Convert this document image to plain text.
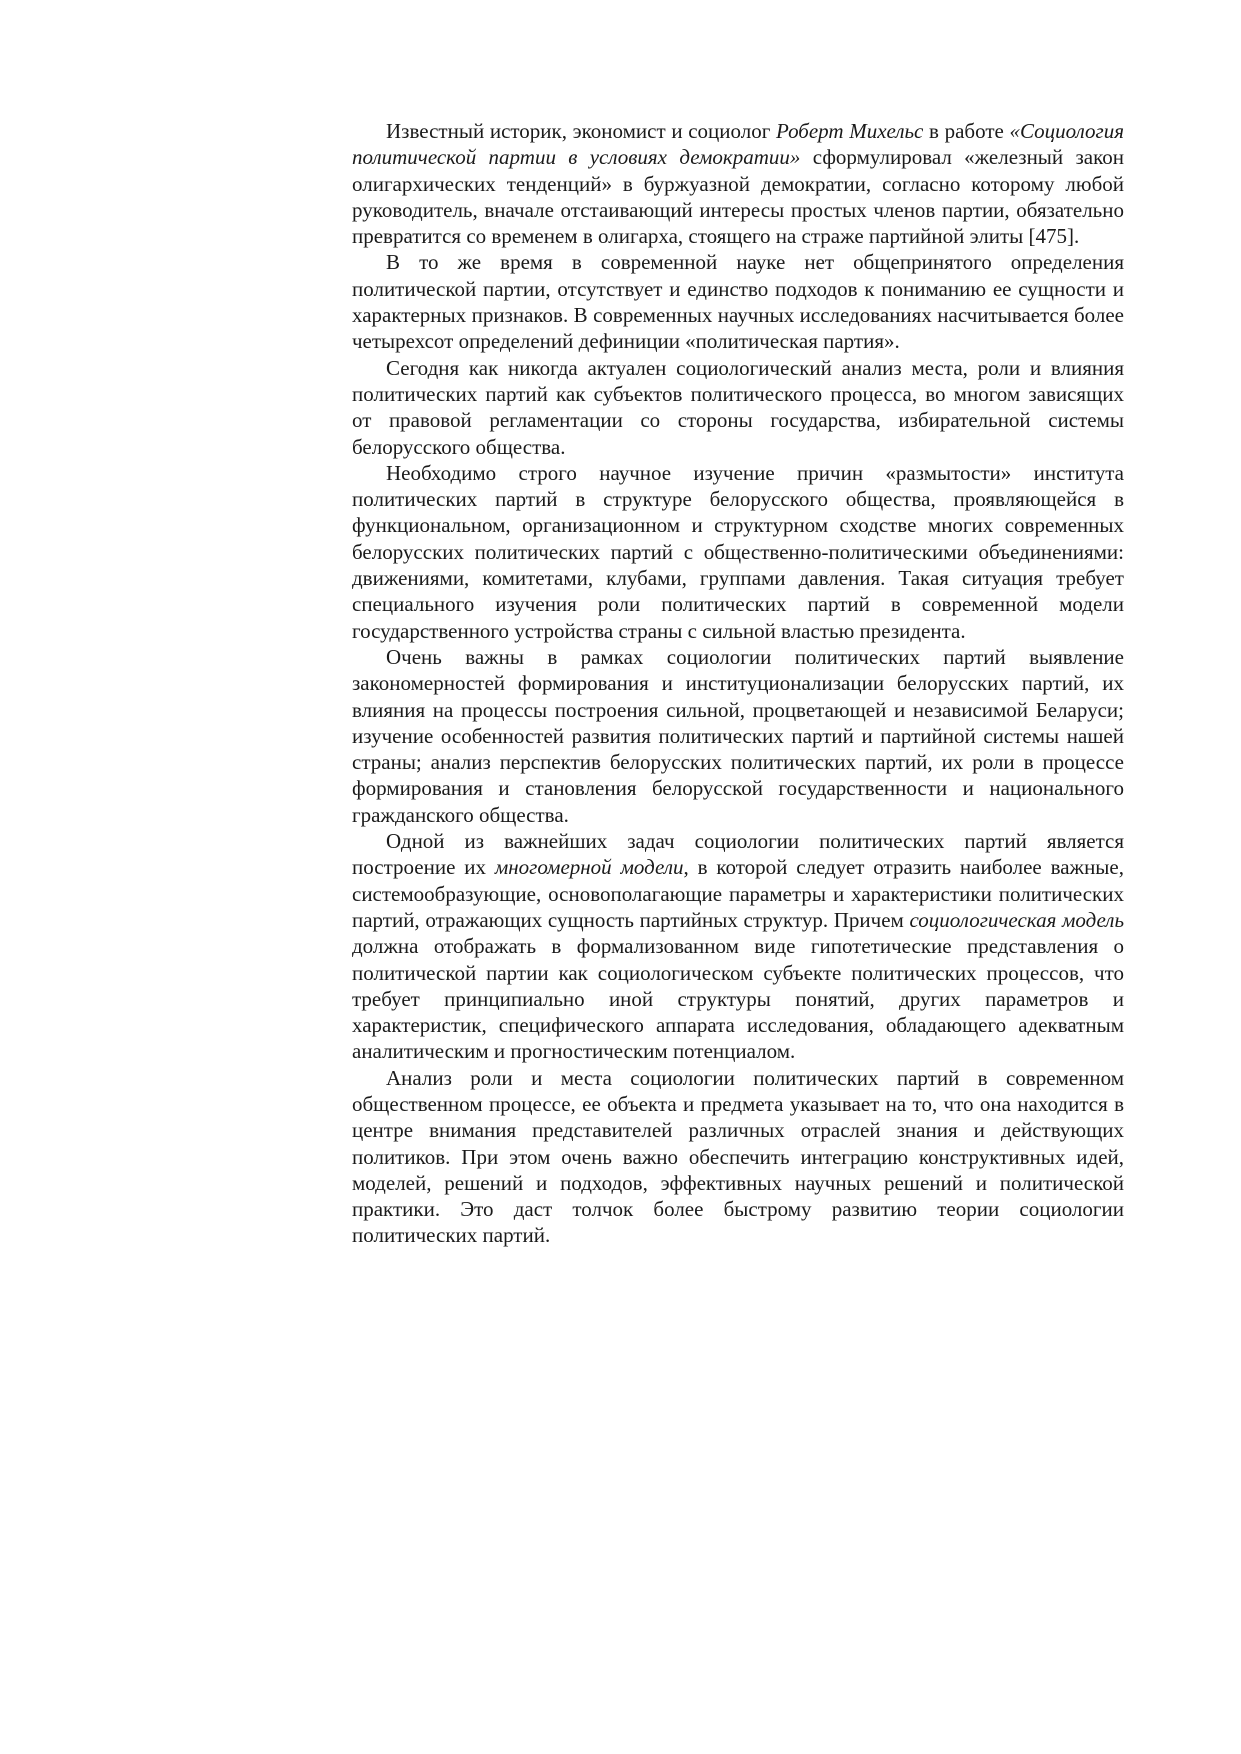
Известный историк, экономист и социолог Роберт Михельс в работе «Социология политической партии в условиях демократии» сформулировал «железный закон олигархических тенденций» в буржуазной демократии, согласно которому любой руководитель, вначале отстаивающий интересы простых членов партии, обязательно превратится со временем в олигарха, стоящего на страже партийной элиты [475].

В то же время в современной науке нет общепринятого определения политической партии, отсутствует и единство подходов к пониманию ее сущности и характерных признаков. В современных научных исследованиях насчитывается более четырехсот определений дефиниции «политическая партия».

Сегодня как никогда актуален социологический анализ места, роли и влияния политических партий как субъектов политического процесса, во многом зависящих от правовой регламентации со стороны государства, избирательной системы белорусского общества.

Необходимо строго научное изучение причин «размытости» института политических партий в структуре белорусского общества, проявляющейся в функциональном, организационном и структурном сходстве многих современных белорусских политических партий с общественно-политическими объединениями: движениями, комитетами, клубами, группами давления. Такая ситуация требует специального изучения роли политических партий в современной модели государственного устройства страны с сильной властью президента.

Очень важны в рамках социологии политических партий выявление закономерностей формирования и институционализации белорусских партий, их влияния на процессы построения сильной, процветающей и независимой Беларуси; изучение особенностей развития политических партий и партийной системы нашей страны; анализ перспектив белорусских политических партий, их роли в процессе формирования и становления белорусской государственности и национального гражданского общества.

Одной из важнейших задач социологии политических партий является построение их многомерной модели, в которой следует отразить наиболее важные, системообразующие, основополагающие параметры и характеристики политических партий, отражающих сущность партийных структур. Причем социологическая модель должна отображать в формализованном виде гипотетические представления о политической партии как социологическом субъекте политических процессов, что требует принципиально иной структуры понятий, других параметров и характеристик, специфического аппарата исследования, обладающего адекватным аналитическим и прогностическим потенциалом.

Анализ роли и места социологии политических партий в современном общественном процессе, ее объекта и предмета указывает на то, что она находится в центре внимания представителей различных отраслей знания и действующих политиков. При этом очень важно обеспечить интеграцию конструктивных идей, моделей, решений и подходов, эффективных научных решений и политической практики. Это даст толчок более быстрому развитию теории социологии политических партий.
